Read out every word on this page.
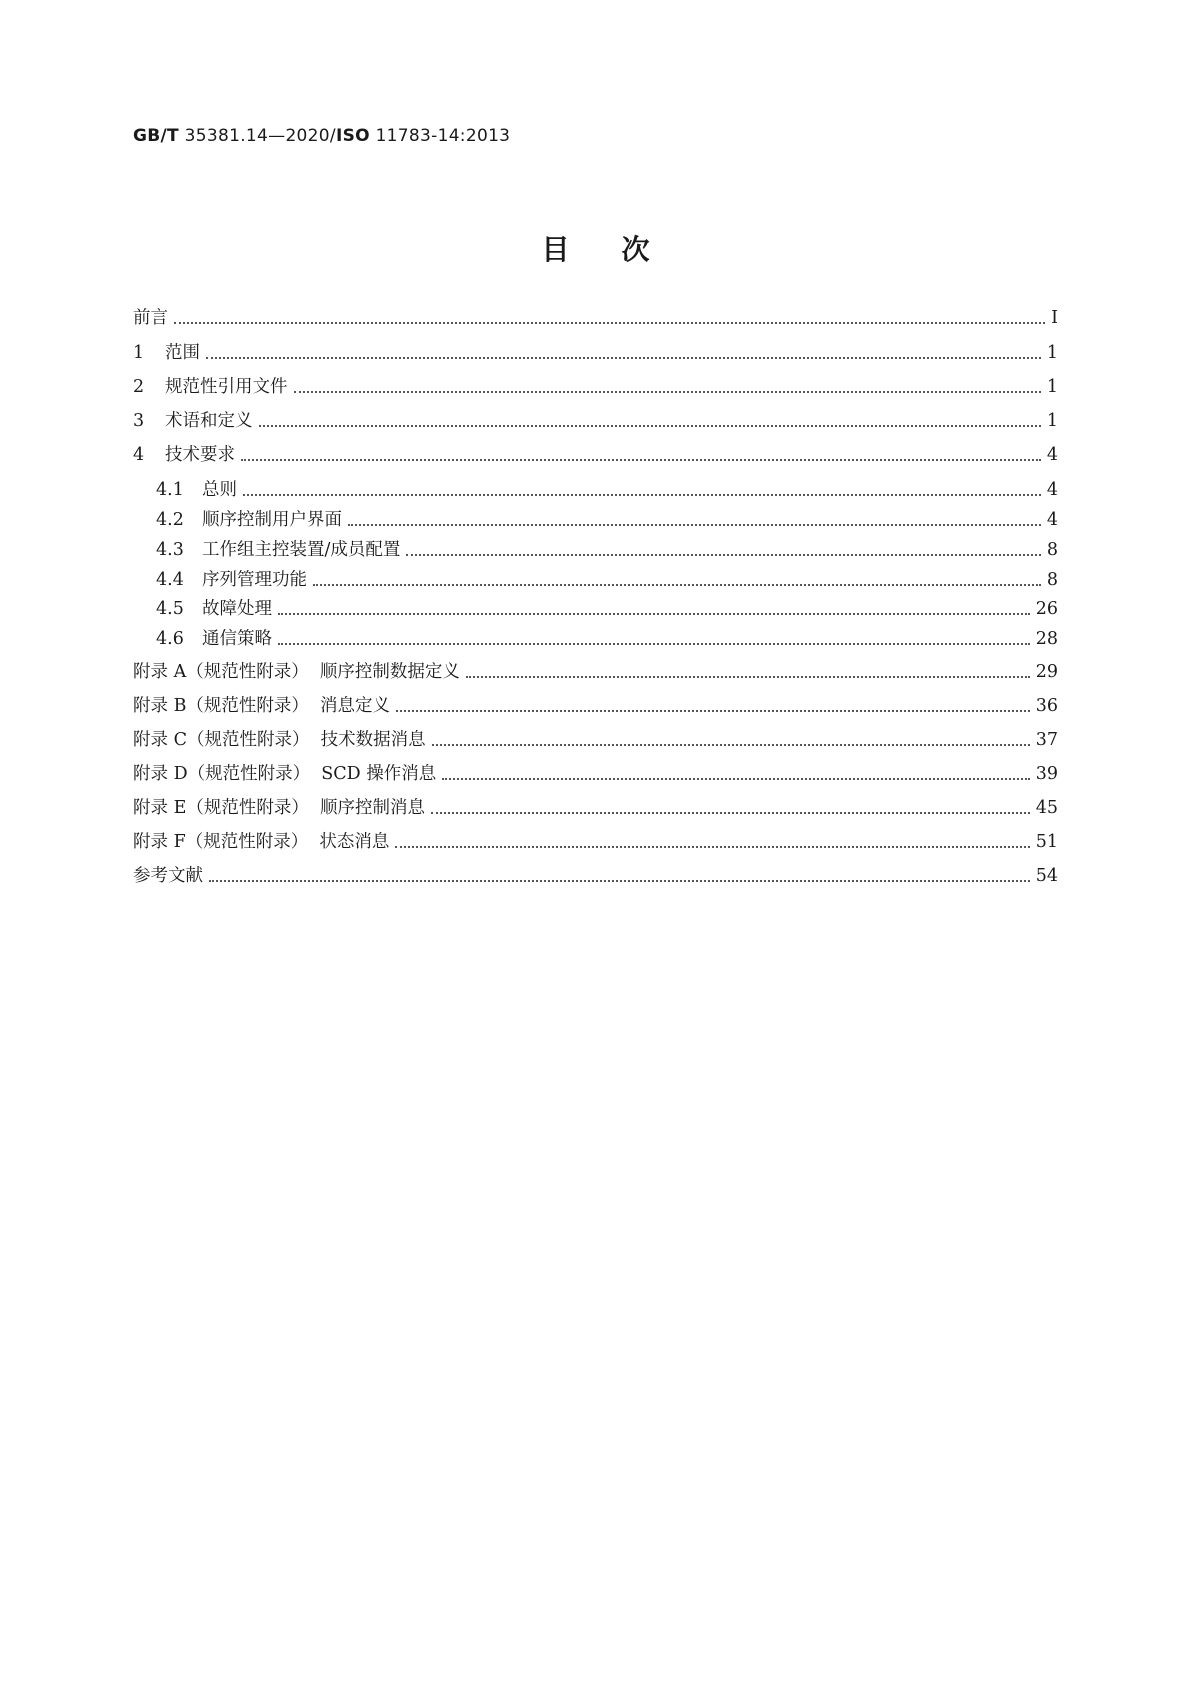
GB/T 35381.14—2020/ISO 11783-14:2013
目次
前言	Ⅰ
1	范围	1
2	规范性引用文件	1
3	术语和定义	1
4	技术要求	4
4.1	总则	4
4.2	顺序控制用户界面	4
4.3	工作组主控装置/成员配置	8
4.4	序列管理功能	8
4.5	故障处理	26
4.6	通信策略	28
附录 A（规范性附录）  顺序控制数据定义	29
附录 B（规范性附录）  消息定义	36
附录 C（规范性附录）  技术数据消息	37
附录 D（规范性附录）  SCD 操作消息	39
附录 E（规范性附录）  顺序控制消息	45
附录 F（规范性附录）  状态消息	51
参考文献	54
